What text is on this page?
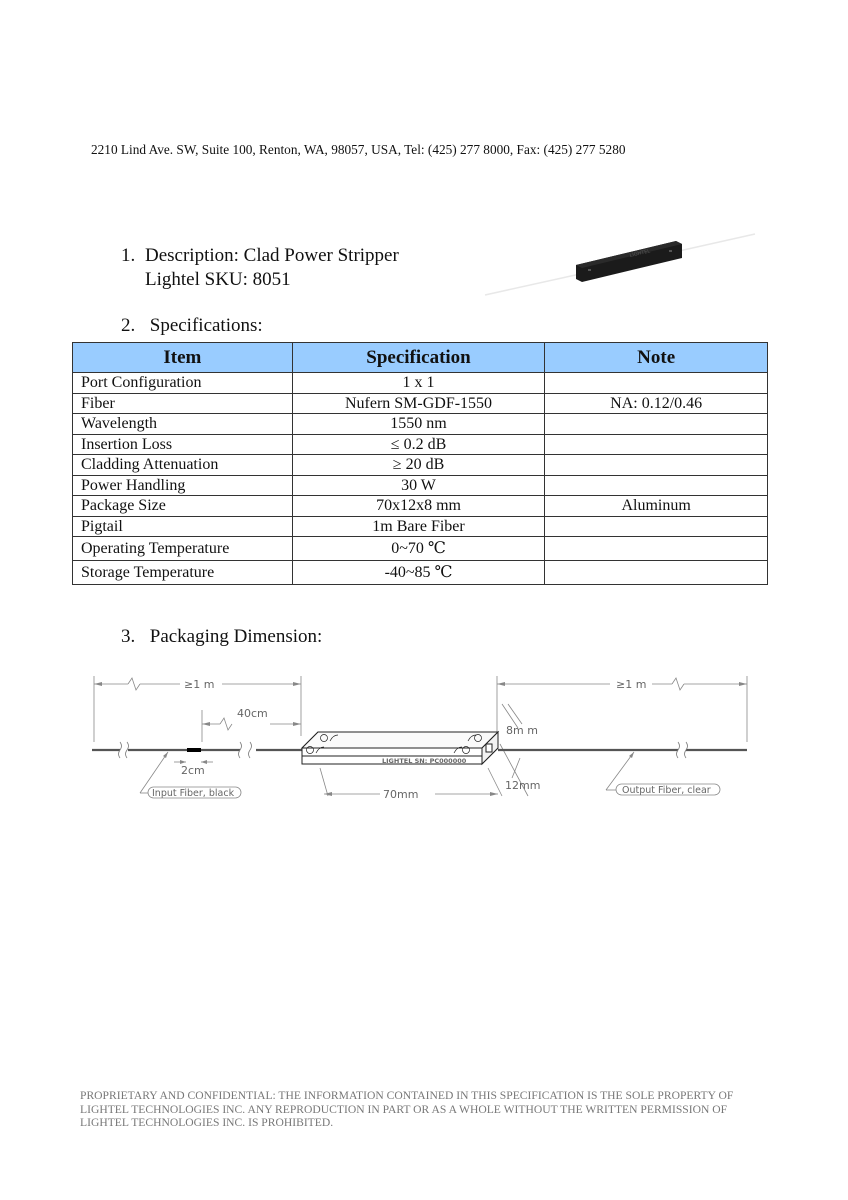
2210 Lind Ave. SW, Suite 100, Renton, WA, 98057, USA, Tel: (425) 277 8000, Fax: (425) 277 5280
1. Description: Clad Power Stripper
Lightel SKU: 8051
LIGHTEL
2. Specifications:
Item	Specification	Note
Port Configuration	1 x 1	
Fiber	Nufern SM-GDF-1550	NA: 0.12/0.46
Wavelength	1550 nm	
Insertion Loss	≤ 0.2 dB	
Cladding Attenuation	≥ 20 dB	
Power Handling	30 W	
Package Size	70x12x8 mm	Aluminum
Pigtail	1m Bare Fiber	
Operating Temperature	0~70 ℃	
Storage Temperature	-40~85 ℃	
3. Packaging Dimension:
LIGHTEL SN: PC000000
≥1 m
40cm
2cm
Input Fiber, black	70mm
8m m
12mm
≥1 m
Output Fiber, clear
PROPRIETARY AND CONFIDENTIAL: THE INFORMATION CONTAINED IN THIS SPECIFICATION IS THE SOLE PROPERTY OF
LIGHTEL TECHNOLOGIES INC. ANY REPRODUCTION IN PART OR AS A WHOLE WITHOUT THE WRITTEN PERMISSION OF
LIGHTEL TECHNOLOGIES INC. IS PROHIBITED.
